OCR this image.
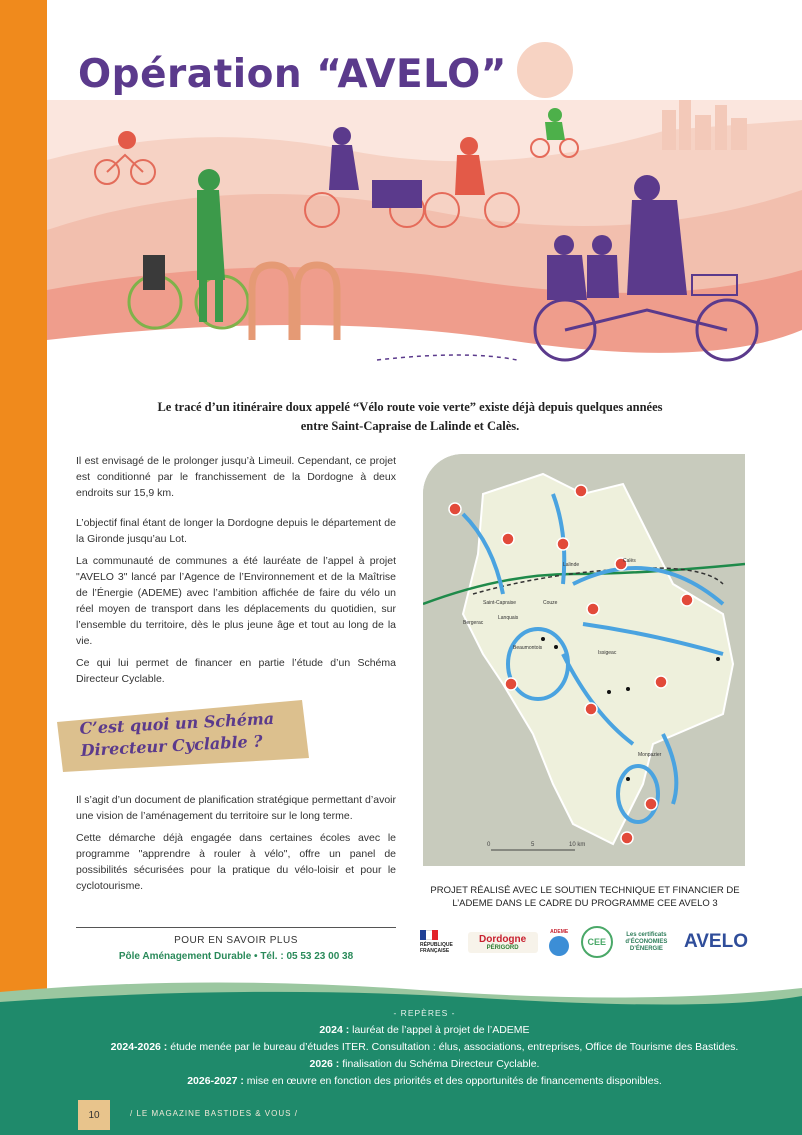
Opération “AVELO”
Le tracé d’un itinéraire doux appelé “Vélo route voie verte” existe déjà depuis quelques années
entre Saint-Capraise de Lalinde et Calès.

Il est envisagé de le prolonger jusqu’à Limeuil. Cependant, ce projet est conditionné par le franchissement de la Dordogne à deux endroits sur 15,9 km.

L’objectif final étant de longer la Dordogne depuis le département de la Gironde jusqu’au Lot.

La communauté de communes a été lauréate de l’appel à projet "AVELO 3" lancé par l’Agence de l’Environnement et de la Maîtrise de l’Énergie (ADEME) avec l’ambition affichée de faire du vélo un réel moyen de transport dans les déplacements du quotidien, sur l’ensemble du territoire, dès le plus jeune âge et tout au long de la vie.

Ce qui lui permet de financer en partie l’étude d’un Schéma Directeur Cyclable.

C’est quoi un Schéma
Directeur Cyclable ?

Il s’agit d’un document de planification stratégique permettant d’avoir une vision de l’aménagement du territoire sur le long terme.

Cette démarche déjà engagée dans certaines écoles avec le programme "apprendre à rouler à vélo", offre un panel de possibilités sécurisées pour la pratique du vélo-loisir et pour le cyclotourisme.

POUR EN SAVOIR PLUS
Pôle Aménagement Durable • Tél. : 05 53 23 00 38
Saint-Capraise
Lalinde
Calès
Beaumontois
Monpazier
Issigeac
Lanquais
Couze
Bergerac
0	5	10 km
PROJET RÉALISÉ AVEC LE SOUTIEN TECHNIQUE ET FINANCIER DE
L’ADEME DANS LE CADRE DU PROGRAMME CEE AVELO 3
RÉPUBLIQUE FRANÇAISE
Dordogne
PÉRIGORD
ADEME
CEE
Les certificats d’ÉCONOMIES D’ÉNERGIE	AVELO
- REPÈRES -
2024 : lauréat de l’appel à projet de l’ADEME
2024-2026 : étude menée par le bureau d’études ITER. Consultation : élus, associations, entreprises, Office de Tourisme des Bastides.
2026 : finalisation du Schéma Directeur Cyclable.
2026-2027 : mise en œuvre en fonction des priorités et des opportunités de financements disponibles.
10	/ LE MAGAZINE BASTIDES & VOUS /
